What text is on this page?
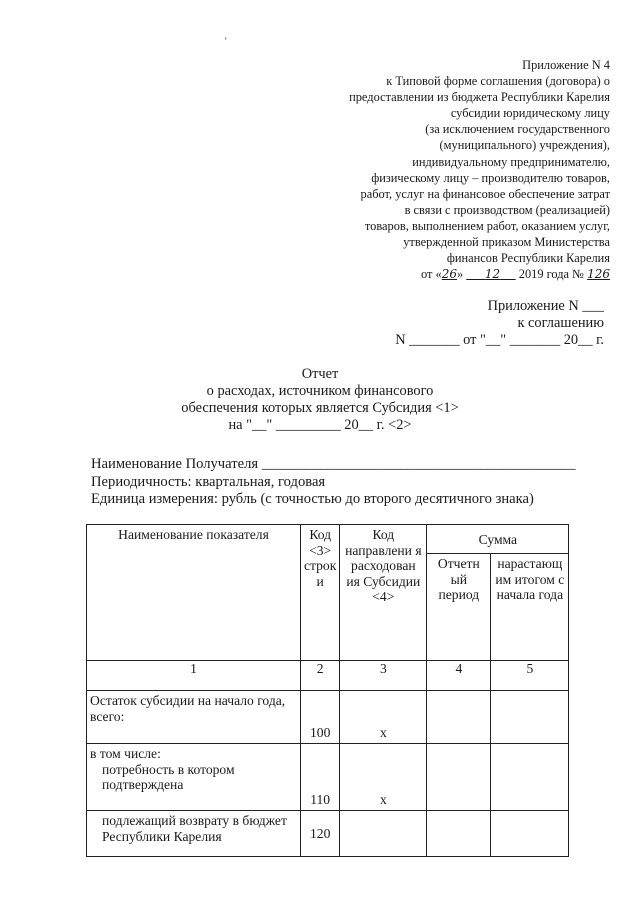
'
Приложение N 4
к Типовой форме соглашения (договора) о
предоставлении из бюджета Республики Карелия
субсидии юридическому лицу
(за исключением государственного
(муниципального) учреждения),
индивидуальному предпринимателю,
физическому лицу – производителю товаров,
работ, услуг на финансовое обеспечение затрат
в связи с производством (реализацией)
товаров, выполнением работ, оказанием услуг,
утвержденной приказом Министерства
финансов Республики Карелия
от «26» 12 2019 года № 126
Приложение N ___
к соглашению
N _______ от "__" _______ 20__ г.
Отчет
о расходах, источником финансового
обеспечения которых является Субсидия <1>
на "__" _________ 20__ г. <2>
Наименование Получателя ___________________________________________
Периодичность: квартальная, годовая
Единица измерения: рубль (с точностью до второго десятичного знака)
Наименование показателя	Код <3> строк и	Код направлени я расходован ия Субсидии <4>	Сумма	
			Отчетн ый период	нарастающ им итогом с начала года
1	2	3	4	5
Остаток субсидии на начало года, всего:	100	x		

в том числе:
потребность в котором подтверждена	110	x		

подлежащий возврату в бюджет Республики Карелия	120			
